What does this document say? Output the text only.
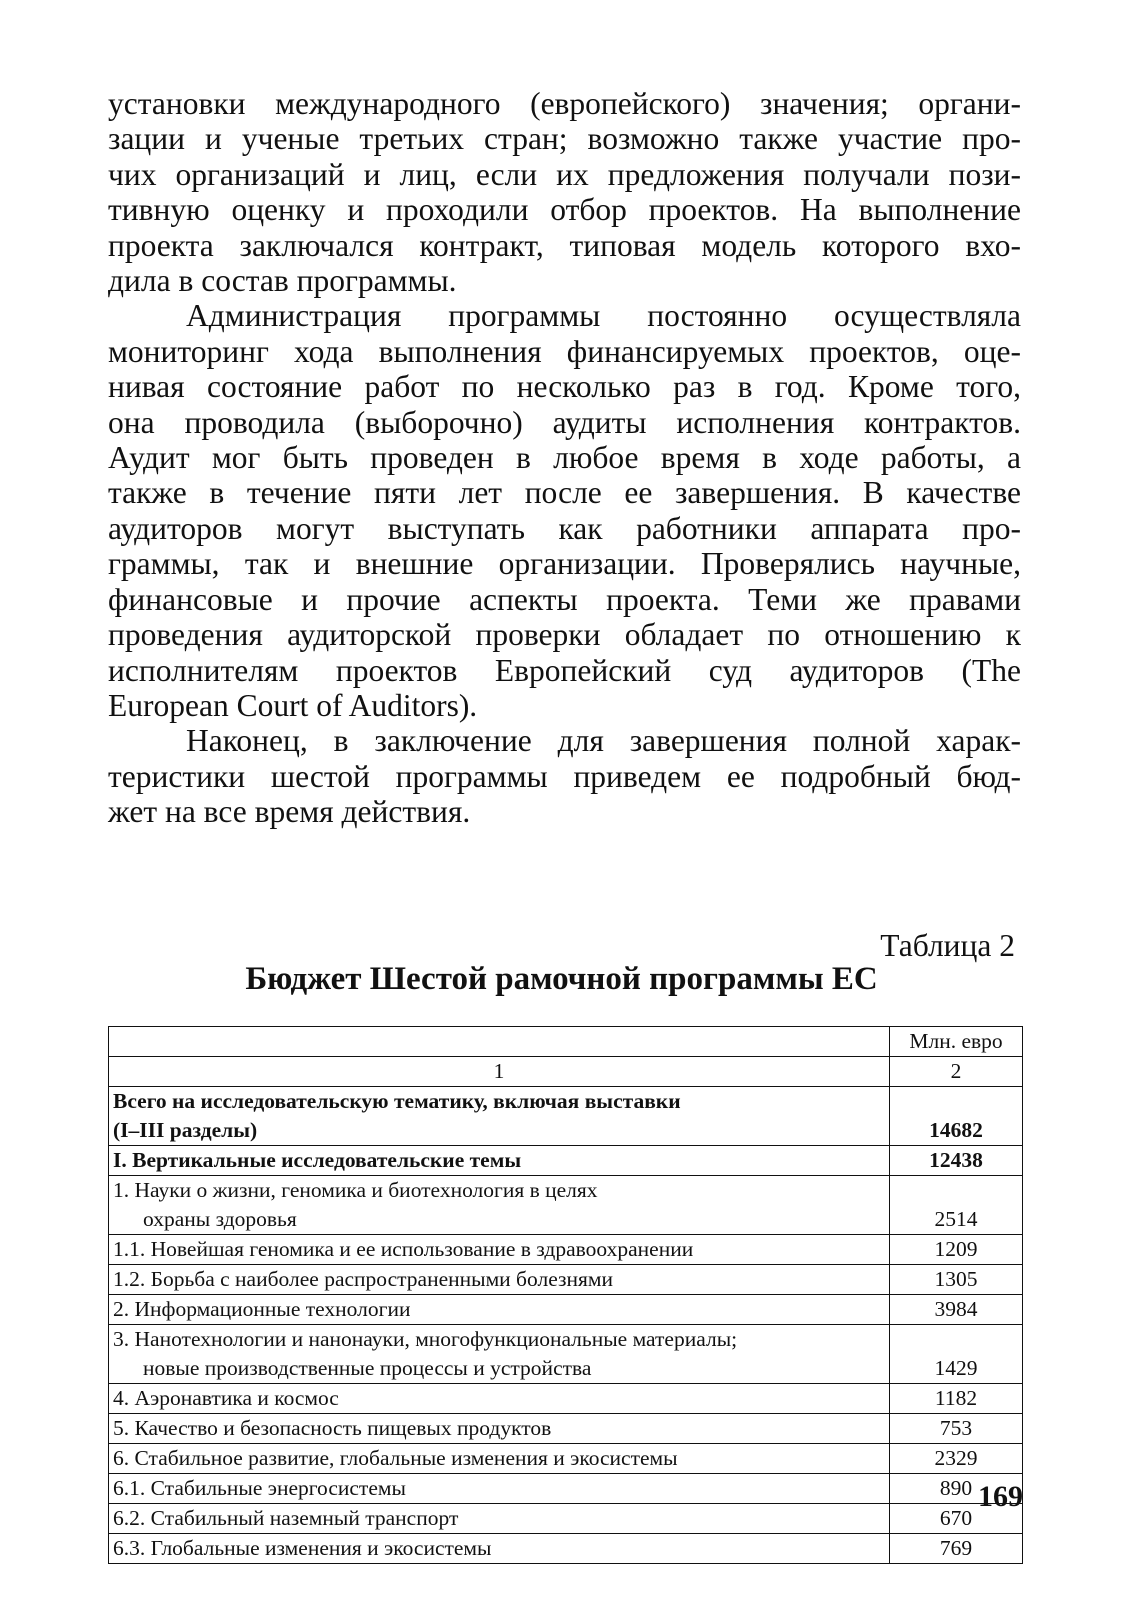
установки международного (европейского) значения; органи-
зации и ученые третьих стран; возможно также участие про-
чих организаций и лиц, если их предложения получали пози-
тивную оценку и проходили отбор проектов. На выполнение
проекта заключался контракт, типовая модель которого вхо-
дила в состав программы.

Администрация программы постоянно осуществляла
мониторинг хода выполнения финансируемых проектов, оце-
нивая состояние работ по несколько раз в год. Кроме того,
она проводила (выборочно) аудиты исполнения контрактов.
Аудит мог быть проведен в любое время в ходе работы, а
также в течение пяти лет после ее завершения. В качестве
аудиторов могут выступать как работники аппарата про-
граммы, так и внешние организации. Проверялись научные,
финансовые и прочие аспекты проекта. Теми же правами
проведения аудиторской проверки обладает по отношению к
исполнителям проектов Европейский суд аудиторов (The
European Court of Auditors).

Наконец, в заключение для завершения полной харак-
теристики шестой программы приведем ее подробный бюд-
жет на все время действия.

Таблица 2
Бюджет Шестой рамочной программы ЕС
	Млн. евро
1	2

Всего на исследовательскую тематику, включая выставки
(I–III разделы)	14682

I. Вертикальные исследовательские темы	12438

1. Науки о жизни, геномика и биотехнология в целях
охраны здоровья	2514

1.1. Новейшая геномика и ее использование в здравоохранении	1209

1.2. Борьба с наиболее распространенными болезнями	1305

2. Информационные технологии	3984

3. Нанотехнологии и нанонауки, многофункциональные материалы;
новые производственные процессы и устройства	1429

4. Аэронавтика и космос	1182

5. Качество и безопасность пищевых продуктов	753

6. Стабильное развитие, глобальные изменения и экосистемы	2329

6.1. Стабильные энергосистемы	890

6.2. Стабильный наземный транспорт	670

6.3. Глобальные изменения и экосистемы	769
169
